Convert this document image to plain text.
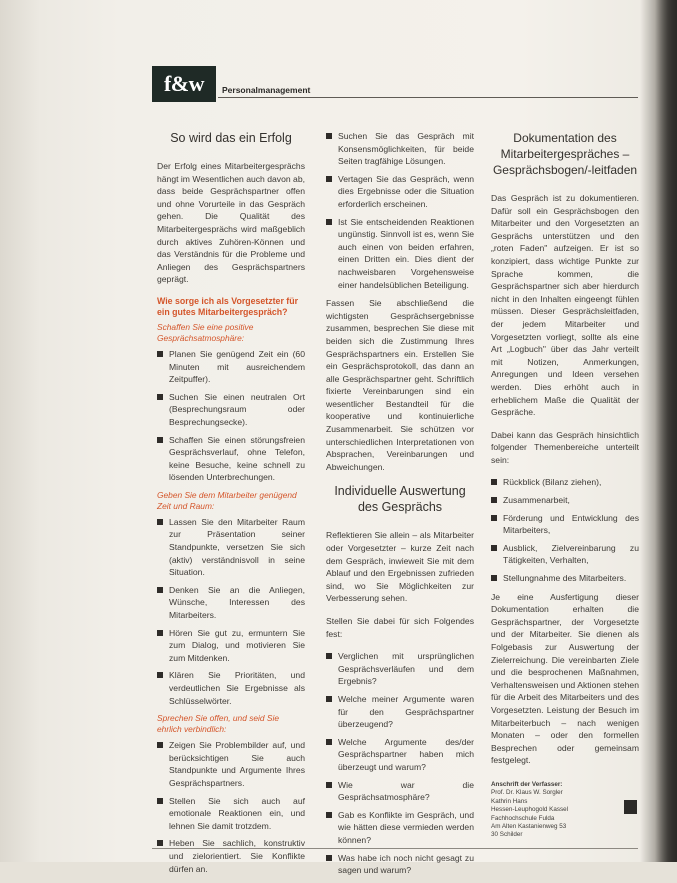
f&w	Personalmanagement
So wird das ein Erfolg

Der Erfolg eines Mitarbeitergesprächs hängt im Wesentlichen auch davon ab, dass beide Gesprächspartner offen und ohne Vorurteile in das Gespräch gehen. Die Qualität des Mitarbeitergesprächs wird maßgeblich durch aktives Zuhören-Können und das Verständnis für die Probleme und Anliegen des Gesprächspartners geprägt.

Wie sorge ich als Vorgesetzter für ein gutes Mitarbeitergespräch?
Schaffen Sie eine positive Gesprächsatmosphäre:
Planen Sie genügend Zeit ein (60 Minuten mit ausreichendem Zeitpuffer).
Suchen Sie einen neutralen Ort (Besprechungsraum oder Besprechungsecke).
Schaffen Sie einen störungsfreien Gesprächsverlauf, ohne Telefon, keine Besuche, keine schnell zu lösenden Unterbrechungen.
Geben Sie dem Mitarbeiter genügend Zeit und Raum:
Lassen Sie den Mitarbeiter Raum zur Präsentation seiner Standpunkte, versetzen Sie sich (aktiv) verständnisvoll in seine Situation.
Denken Sie an die Anliegen, Wünsche, Interessen des Mitarbeiters.
Hören Sie gut zu, ermuntern Sie zum Dialog, und motivieren Sie zum Mitdenken.
Klären Sie Prioritäten, und verdeutlichen Sie Ergebnisse als Schlüsselwörter.
Sprechen Sie offen, und seid Sie ehrlich verbindlich:
Zeigen Sie Problembilder auf, und berücksichtigen Sie auch Standpunkte und Argumente Ihres Gesprächspartners.
Stellen Sie sich auch auf emotionale Reaktionen ein, und lehnen Sie damit trotzdem.
Heben Sie sachlich, konstruktiv und zielorientiert. Sie Konflikte dürfen an.
Suchen Sie das Gespräch mit Konsensmöglichkeiten, für beide Seiten tragfähige Lösungen.
Vertagen Sie das Gespräch, wenn dies Ergebnisse oder die Situation erforderlich erscheinen.
Ist Sie entscheidenden Reaktionen ungünstig. Sinnvoll ist es, wenn Sie auch einen von beiden erfahren, einen Dritten ein. Dies dient der nachweisbaren Vorgehensweise einer handelsüblichen Beteiligung.

Fassen Sie abschließend die wichtigsten Gesprächsergebnisse zusammen, besprechen Sie diese mit beiden sich die Zustimmung Ihres Gesprächspartners ein. Erstellen Sie ein Gesprächsprotokoll, das dann an alle Gesprächspartner geht. Schriftlich fixierte Vereinbarungen sind ein wesentlicher Bestandteil für die kooperative und kontinuierliche Zusammenarbeit. Sie schützen vor unterschiedlichen Interpretationen von Absprachen, Vereinbarungen und Abweichungen.

Individuelle Auswertung des Gesprächs

Reflektieren Sie allein – als Mitarbeiter oder Vorgesetzter – kurze Zeit nach dem Gespräch, inwieweit Sie mit dem Ablauf und den Ergebnissen zufrieden sind, wo Sie Möglichkeiten zur Verbesserung sehen.

Stellen Sie dabei für sich Folgendes fest:

Verglichen mit ursprünglichen Gesprächsverläufen und dem Ergebnis?
Welche meiner Argumente waren für den Gesprächspartner überzeugend?
Welche Argumente des/der Gesprächspartner haben mich überzeugt und warum?
Wie war die Gesprächsatmosphäre?
Gab es Konflikte im Gespräch, und wie hätten diese vermieden werden können?
Was habe ich noch nicht gesagt zu sagen und warum?
Dokumentation des Mitarbeitergespräches – Gesprächsbogen/-leitfaden

Das Gespräch ist zu dokumentieren. Dafür soll ein Gesprächsbogen den Mitarbeiter und den Vorgesetzten an Gesprächs unterstützen und den „roten Faden" aufzeigen. Er ist so konzipiert, dass wichtige Punkte zur Sprache kommen, die Gesprächspartner sich aber hierdurch nicht in den Inhalten eingeengt fühlen müssen. Dieser Gesprächsleitfaden, der jedem Mitarbeiter und Vorgesetzten vorliegt, sollte als eine Art „Logbuch" über das Jahr verteilt mit Notizen, Anmerkungen, Anregungen und Ideen versehen werden. Dies erhöht auch in erheblichem Maße die Qualität der Gespräche.

Dabei kann das Gespräch hinsichtlich folgender Themenbereiche unterteilt sein:

Rückblick (Bilanz ziehen),
Zusammenarbeit,
Förderung und Entwicklung des Mitarbeiters,
Ausblick, Zielvereinbarung zu Tätigkeiten, Verhalten,
Stellungnahme des Mitarbeiters.

Je eine Ausfertigung dieser Dokumentation erhalten die Gesprächspartner, der Vorgesetzte und der Mitarbeiter. Sie dienen als Folgebasis zur Auswertung der Zielerreichung. Die vereinbarten Ziele und die besprochenen Maßnahmen, Verhaltensweisen und Aktionen stehen für die Arbeit des Mitarbeiters und des Vorgesetzten. Leistung der Besuch im Mitarbeiterbuch – nach wenigen Monaten – oder den formellen Besprechen oder gemeinsam festgelegt.

Anschrift der Verfasser:
Prof. Dr. Klaus W. Sorgler
Kathrin Hans
Hessen-Leuphogold Kassel
Fachhochschule Fulda
Am Alten Kastanienweg 53
30 Schilder
